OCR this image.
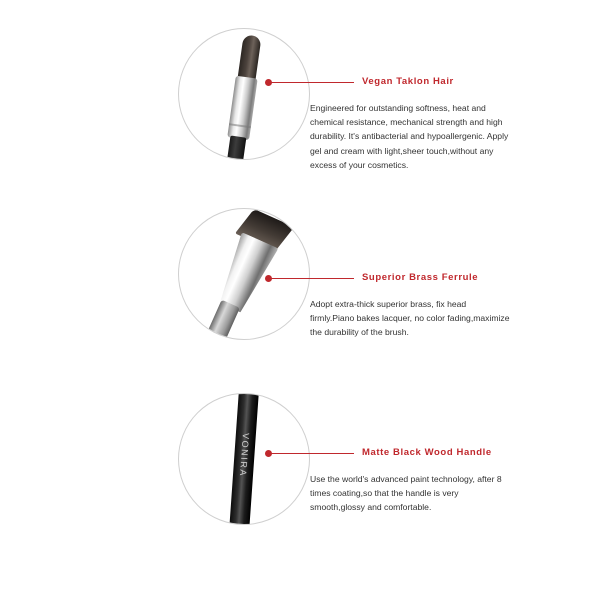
Vegan Taklon Hair
Engineered for outstanding softness, heat and chemical resistance, mechanical strength and high durability. It's antibacterial and hypoallergenic. Apply gel and cream with light,sheer touch,without any excess of your cosmetics.
Superior Brass Ferrule
Adopt extra-thick superior brass, fix head firmly.Piano bakes lacquer, no color fading,maximize the durability of the brush.
VONIRA	Matte Black Wood Handle
Use the world's advanced paint technology, after 8 times coating,so that the handle is very smooth,glossy and comfortable.
